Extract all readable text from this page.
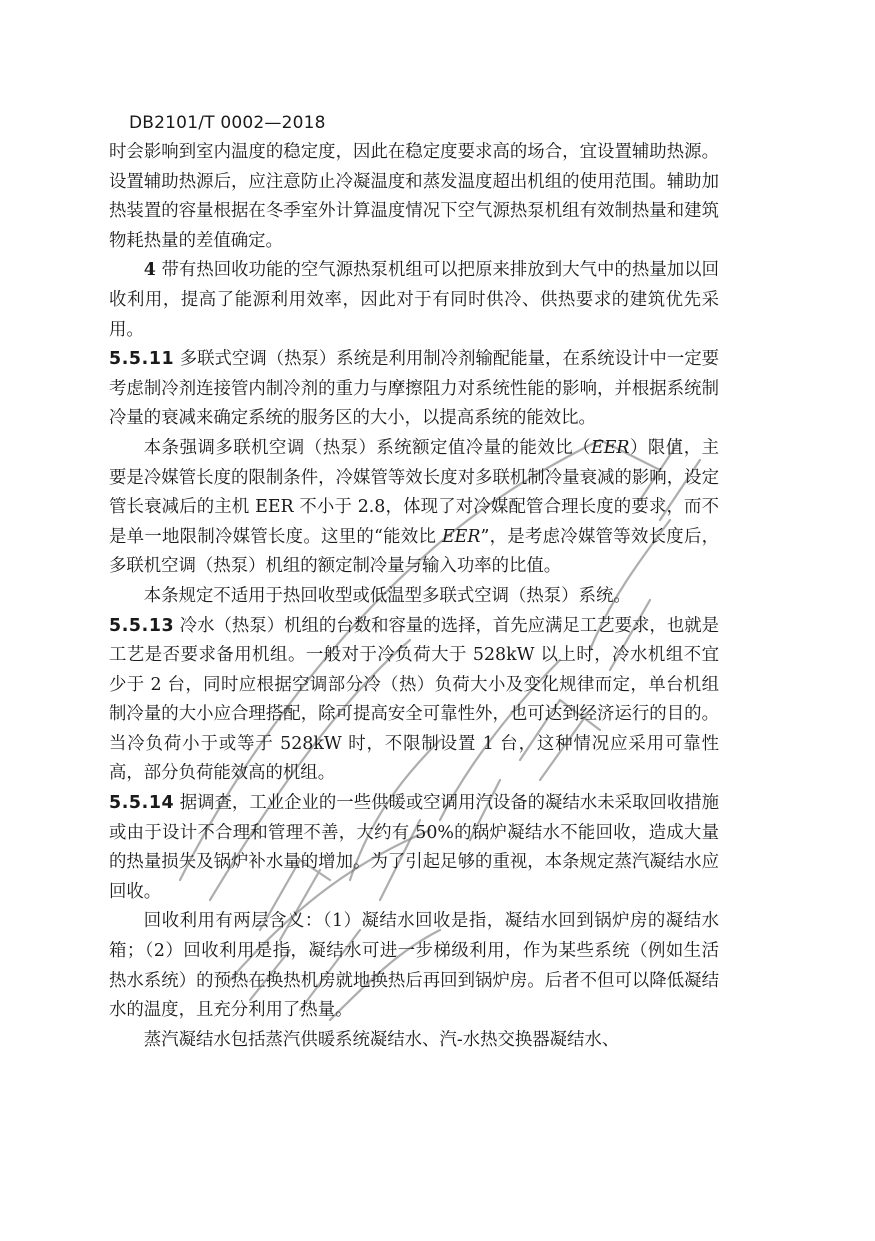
DB2101/T 0002—2018

时会影响到室内温度的稳定度，因此在稳定度要求高的场合，宜设置辅助热源。设置辅助热源后，应注意防止冷凝温度和蒸发温度超出机组的使用范围。辅助加热装置的容量根据在冬季室外计算温度情况下空气源热泵机组有效制热量和建筑物耗热量的差值确定。

4 带有热回收功能的空气源热泵机组可以把原来排放到大气中的热量加以回收利用，提高了能源利用效率，因此对于有同时供冷、供热要求的建筑优先采用。

5.5.11 多联式空调（热泵）系统是利用制冷剂输配能量，在系统设计中一定要考虑制冷剂连接管内制冷剂的重力与摩擦阻力对系统性能的影响，并根据系统制冷量的衰减来确定系统的服务区的大小，以提高系统的能效比。

本条强调多联机空调（热泵）系统额定值冷量的能效比（EER）限值，主要是冷媒管长度的限制条件，冷媒管等效长度对多联机制冷量衰减的影响，设定管长衰减后的主机 EER 不小于 2.8，体现了对冷媒配管合理长度的要求，而不是单一地限制冷媒管长度。这里的“能效比 EER”，是考虑冷媒管等效长度后，多联机空调（热泵）机组的额定制冷量与输入功率的比值。

本条规定不适用于热回收型或低温型多联式空调（热泵）系统。

5.5.13 冷水（热泵）机组的台数和容量的选择，首先应满足工艺要求，也就是工艺是否要求备用机组。一般对于冷负荷大于 528kW 以上时，冷水机组不宜少于 2 台，同时应根据空调部分冷（热）负荷大小及变化规律而定，单台机组制冷量的大小应合理搭配，除可提高安全可靠性外，也可达到经济运行的目的。当冷负荷小于或等于 528kW 时，不限制设置 1 台，这种情况应采用可靠性高，部分负荷能效高的机组。

5.5.14 据调查，工业企业的一些供暖或空调用汽设备的凝结水未采取回收措施或由于设计不合理和管理不善，大约有 50%的锅炉凝结水不能回收，造成大量的热量损失及锅炉补水量的增加。为了引起足够的重视，本条规定蒸汽凝结水应回收。

回收利用有两层含义：（1）凝结水回收是指，凝结水回到锅炉房的凝结水箱；（2）回收利用是指，凝结水可进一步梯级利用，作为某些系统（例如生活热水系统）的预热在换热机房就地换热后再回到锅炉房。后者不但可以降低凝结水的温度，且充分利用了热量。

蒸汽凝结水包括蒸汽供暖系统凝结水、汽-水热交换器凝结水、
